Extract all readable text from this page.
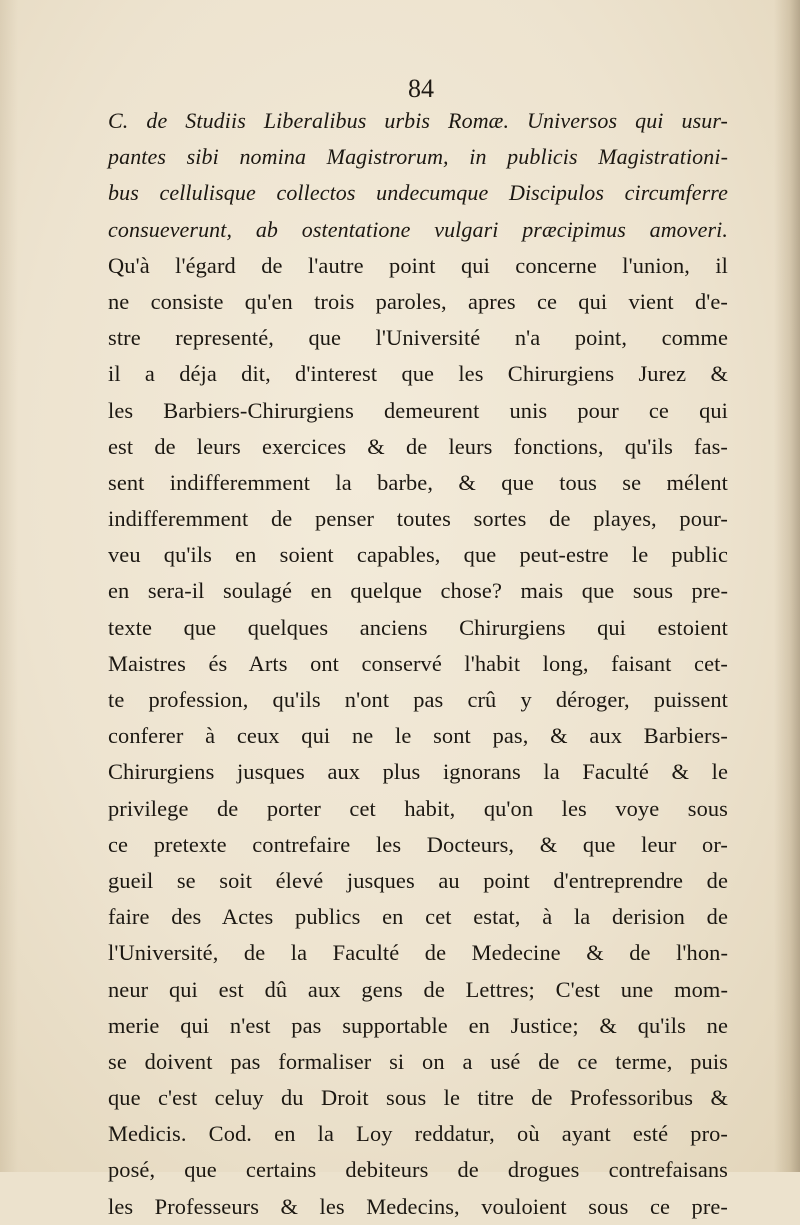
84
C. de Studiis Liberalibus urbis Romæ. Universos qui usur-
pantes sibi nomina Magistrorum, in publicis Magistrationi-
bus cellulisque collectos undecumque Discipulos circumferre
consueverunt, ab ostentatione vulgari præcipimus amoveri.
Qu'à l'égard de l'autre point qui concerne l'union, il
ne consiste qu'en trois paroles, apres ce qui vient d'e-
stre representé, que l'Université n'a point, comme
il a déja dit, d'interest que les Chirurgiens Jurez &
les Barbiers-Chirurgiens demeurent unis pour ce qui
est de leurs exercices & de leurs fonctions, qu'ils fas-
sent indifferemment la barbe, & que tous se mélent
indifferemment de penser toutes sortes de playes, pour-
veu qu'ils en soient capables, que peut-estre le public
en sera-il soulagé en quelque chose? mais que sous pre-
texte que quelques anciens Chirurgiens qui estoient
Maistres és Arts ont conservé l'habit long, faisant cet-
te profession, qu'ils n'ont pas crû y déroger, puissent
conferer à ceux qui ne le sont pas, & aux Barbiers-
Chirurgiens jusques aux plus ignorans la Faculté & le
privilege de porter cet habit, qu'on les voye sous
ce pretexte contrefaire les Docteurs, & que leur or-
gueil se soit élevé jusques au point d'entreprendre de
faire des Actes publics en cet estat, à la derision de
l'Université, de la Faculté de Medecine & de l'hon-
neur qui est dû aux gens de Lettres; C'est une mom-
merie qui n'est pas supportable en Justice; & qu'ils ne
se doivent pas formaliser si on a usé de ce terme, puis
que c'est celuy du Droit sous le titre de Professoribus &
Medicis. Cod. en la Loy reddatur, où ayant esté pro-
posé, que certains debiteurs de drogues contrefaisans
les Professeurs & les Medecins, vouloient sous ce pre-
